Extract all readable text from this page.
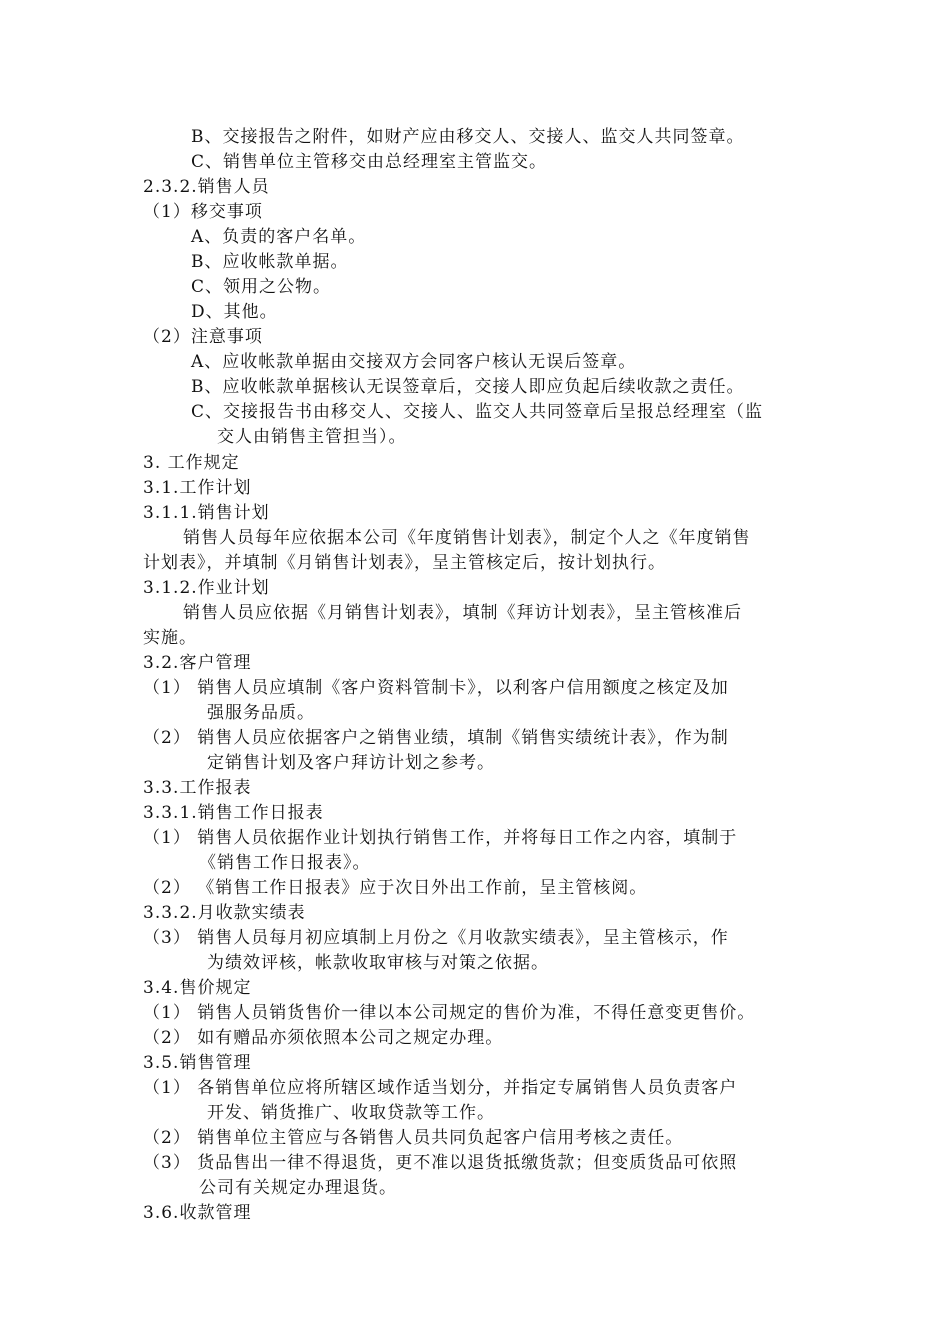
B、交接报告之附件，如财产应由移交人、交接人、监交人共同签章。
C、销售单位主管移交由总经理室主管监交。
2.3.2.销售人员
（1）移交事项
A、负责的客户名单。
B、应收帐款单据。
C、领用之公物。
D、其他。
（2）注意事项
A、应收帐款单据由交接双方会同客户核认无误后签章。
B、应收帐款单据核认无误签章后，交接人即应负起后续收款之责任。
C、交接报告书由移交人、交接人、监交人共同签章后呈报总经理室（监
交人由销售主管担当）。
3. 工作规定
3.1.工作计划
3.1.1.销售计划
销售人员每年应依据本公司《年度销售计划表》，制定个人之《年度销售
计划表》，并填制《月销售计划表》，呈主管核定后，按计划执行。
3.1.2.作业计划
销售人员应依据《月销售计划表》，填制《拜访计划表》，呈主管核准后
实施。
3.2.客户管理
（1） 销售人员应填制《客户资料管制卡》，以利客户信用额度之核定及加
强服务品质。
（2） 销售人员应依据客户之销售业绩，填制《销售实绩统计表》，作为制
定销售计划及客户拜访计划之参考。
3.3.工作报表
3.3.1.销售工作日报表
（1） 销售人员依据作业计划执行销售工作，并将每日工作之内容，填制于
《销售工作日报表》。
（2） 《销售工作日报表》应于次日外出工作前，呈主管核阅。
3.3.2.月收款实绩表
（3） 销售人员每月初应填制上月份之《月收款实绩表》，呈主管核示，作
为绩效评核，帐款收取审核与对策之依据。
3.4.售价规定
（1） 销售人员销货售价一律以本公司规定的售价为准，不得任意变更售价。
（2） 如有赠品亦须依照本公司之规定办理。
3.5.销售管理
（1） 各销售单位应将所辖区域作适当划分，并指定专属销售人员负责客户
开发、销货推广、收取贷款等工作。
（2） 销售单位主管应与各销售人员共同负起客户信用考核之责任。
（3） 货品售出一律不得退货，更不准以退货抵缴货款；但变质货品可依照
公司有关规定办理退货。
3.6.收款管理
